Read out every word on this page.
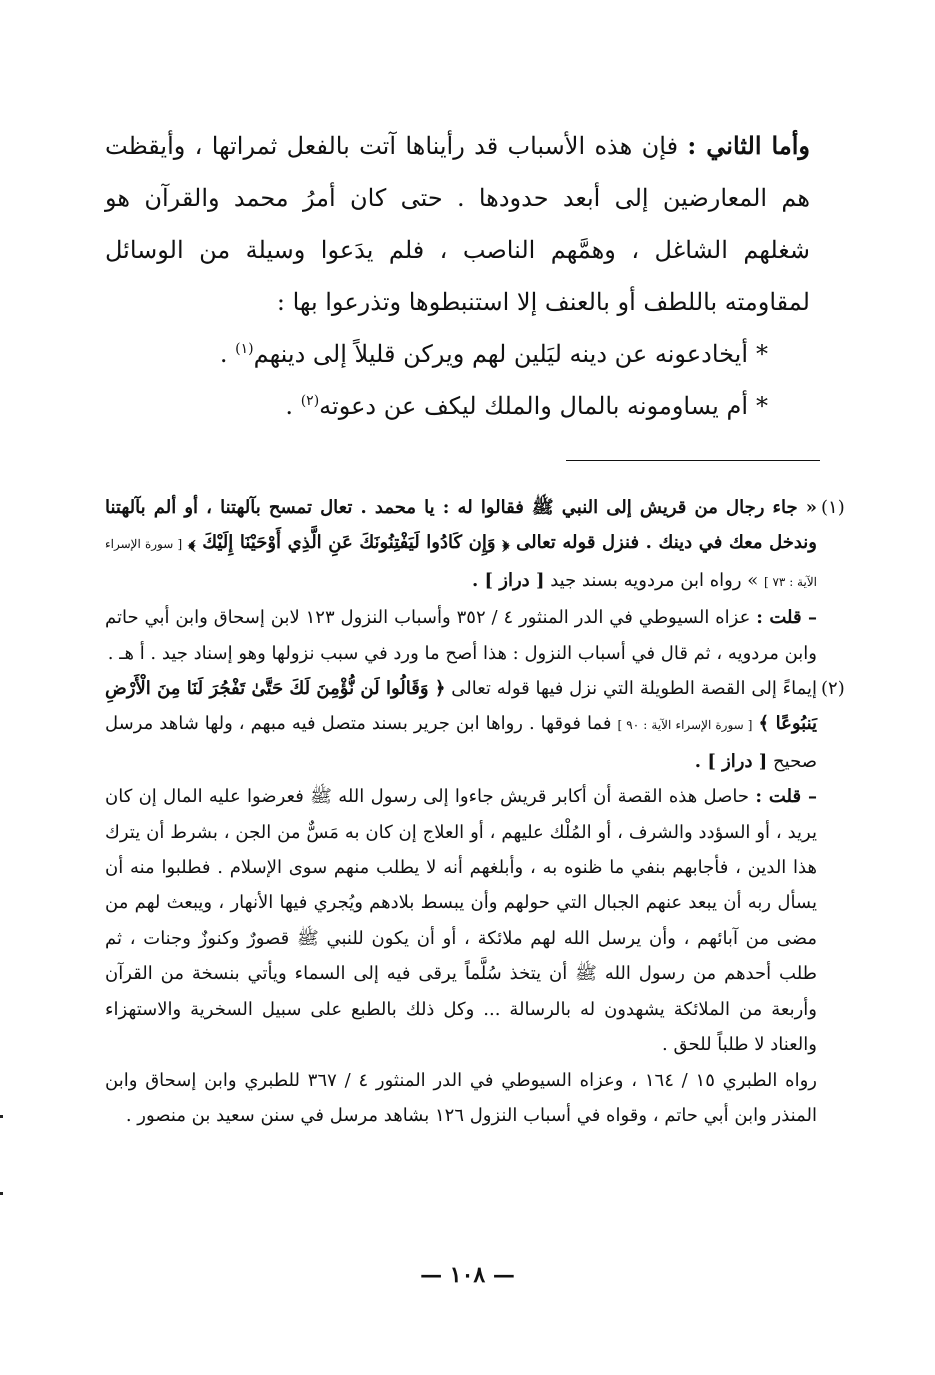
وأما الثاني : فإن هذه الأسباب قد رأيناها آتت بالفعل ثمراتها ، وأيقظت هم المعارضين إلى أبعد حدودها . حتى كان أمرُ محمد والقرآن هو شغلهم الشاغل ، وهمَّهم الناصب ، فلم يدَعوا وسيلة من الوسائل لمقاومته باللطف أو بالعنف إلا استنبطوها وتذرعوا بها :

*أيخادعونه عن دينه ليَلين لهم ويركن قليلاً إلى دينهم$^{(١)}$ .

*أم يساومونه بالمال والملك ليكف عن دعوته$^{(٢)}$ .

(١)

« جاء رجال من قريش إلى النبي ﷺ فقالوا له : يا محمد . تعال تمسح بآلهتنا ، أو ألم بآلهتنا وندخل معك في دينك . فنزل قوله تعالى ﴿ وَإِن كَادُوا لَيَفْتِنُونَكَ عَنِ الَّذِي أَوْحَيْنَا إِلَيْكَ ﴾ [ سورة الإسراء الآية : ٧٣ ] » رواه ابن مردويه بسند جيد [ دراز ] .

– قلت : عزاه السيوطي في الدر المنثور ٤ / ٣٥٢ وأسباب النزول ١٢٣ لابن إسحاق وابن أبي حاتم وابن مردويه ، ثم قال في أسباب النزول : هذا أصح ما ورد في سبب نزولها وهو إسناد جيد . أ هـ .

(٢)

إيماءً إلى القصة الطويلة التي نزل فيها قوله تعالى ﴿ وَقَالُوا لَن نُّؤْمِنَ لَكَ حَتَّىٰ تَفْجُرَ لَنَا مِنَ الْأَرْضِ يَنبُوعًا ﴾ [ سورة الإسراء الآية : ٩٠ ] فما فوقها . رواها ابن جرير بسند متصل فيه مبهم ، ولها شاهد مرسل صحيح [ دراز ] .

– قلت : حاصل هذه القصة أن أكابر قريش جاءوا إلى رسول الله ﷺ فعرضوا عليه المال إن كان يريد ، أو السؤدد والشرف ، أو المُلْك عليهم ، أو العلاج إن كان به مَسٌّ من الجن ، بشرط أن يترك هذا الدين ، فأجابهم بنفي ما ظنوه به ، وأبلغهم أنه لا يطلب منهم سوى الإسلام . فطلبوا منه أن يسأل ربه أن يبعد عنهم الجبال التي حولهم وأن يبسط بلادهم ويُجري فيها الأنهار ، ويبعث لهم من مضى من آبائهم ، وأن يرسل الله لهم ملائكة ، أو أن يكون للنبي ﷺ قصورٌ وكنوزٌ وجنات ، ثم طلب أحدهم من رسول الله ﷺ أن يتخذ سُلَّماً يرقى فيه إلى السماء ويأتي بنسخة من القرآن وأربعة من الملائكة يشهدون له بالرسالة ... وكل ذلك بالطبع على سبيل السخرية والاستهزاء والعناد لا طلباً للحق .

رواه الطبري ١٥ / ١٦٤ ، وعزاه السيوطي في الدر المنثور ٤ / ٣٦٧ للطبري وابن إسحاق وابن المنذر وابن أبي حاتم ، وقواه في أسباب النزول ١٢٦ بشاهد مرسل في سنن سعيد بن منصور .

— ١٠٨ —
